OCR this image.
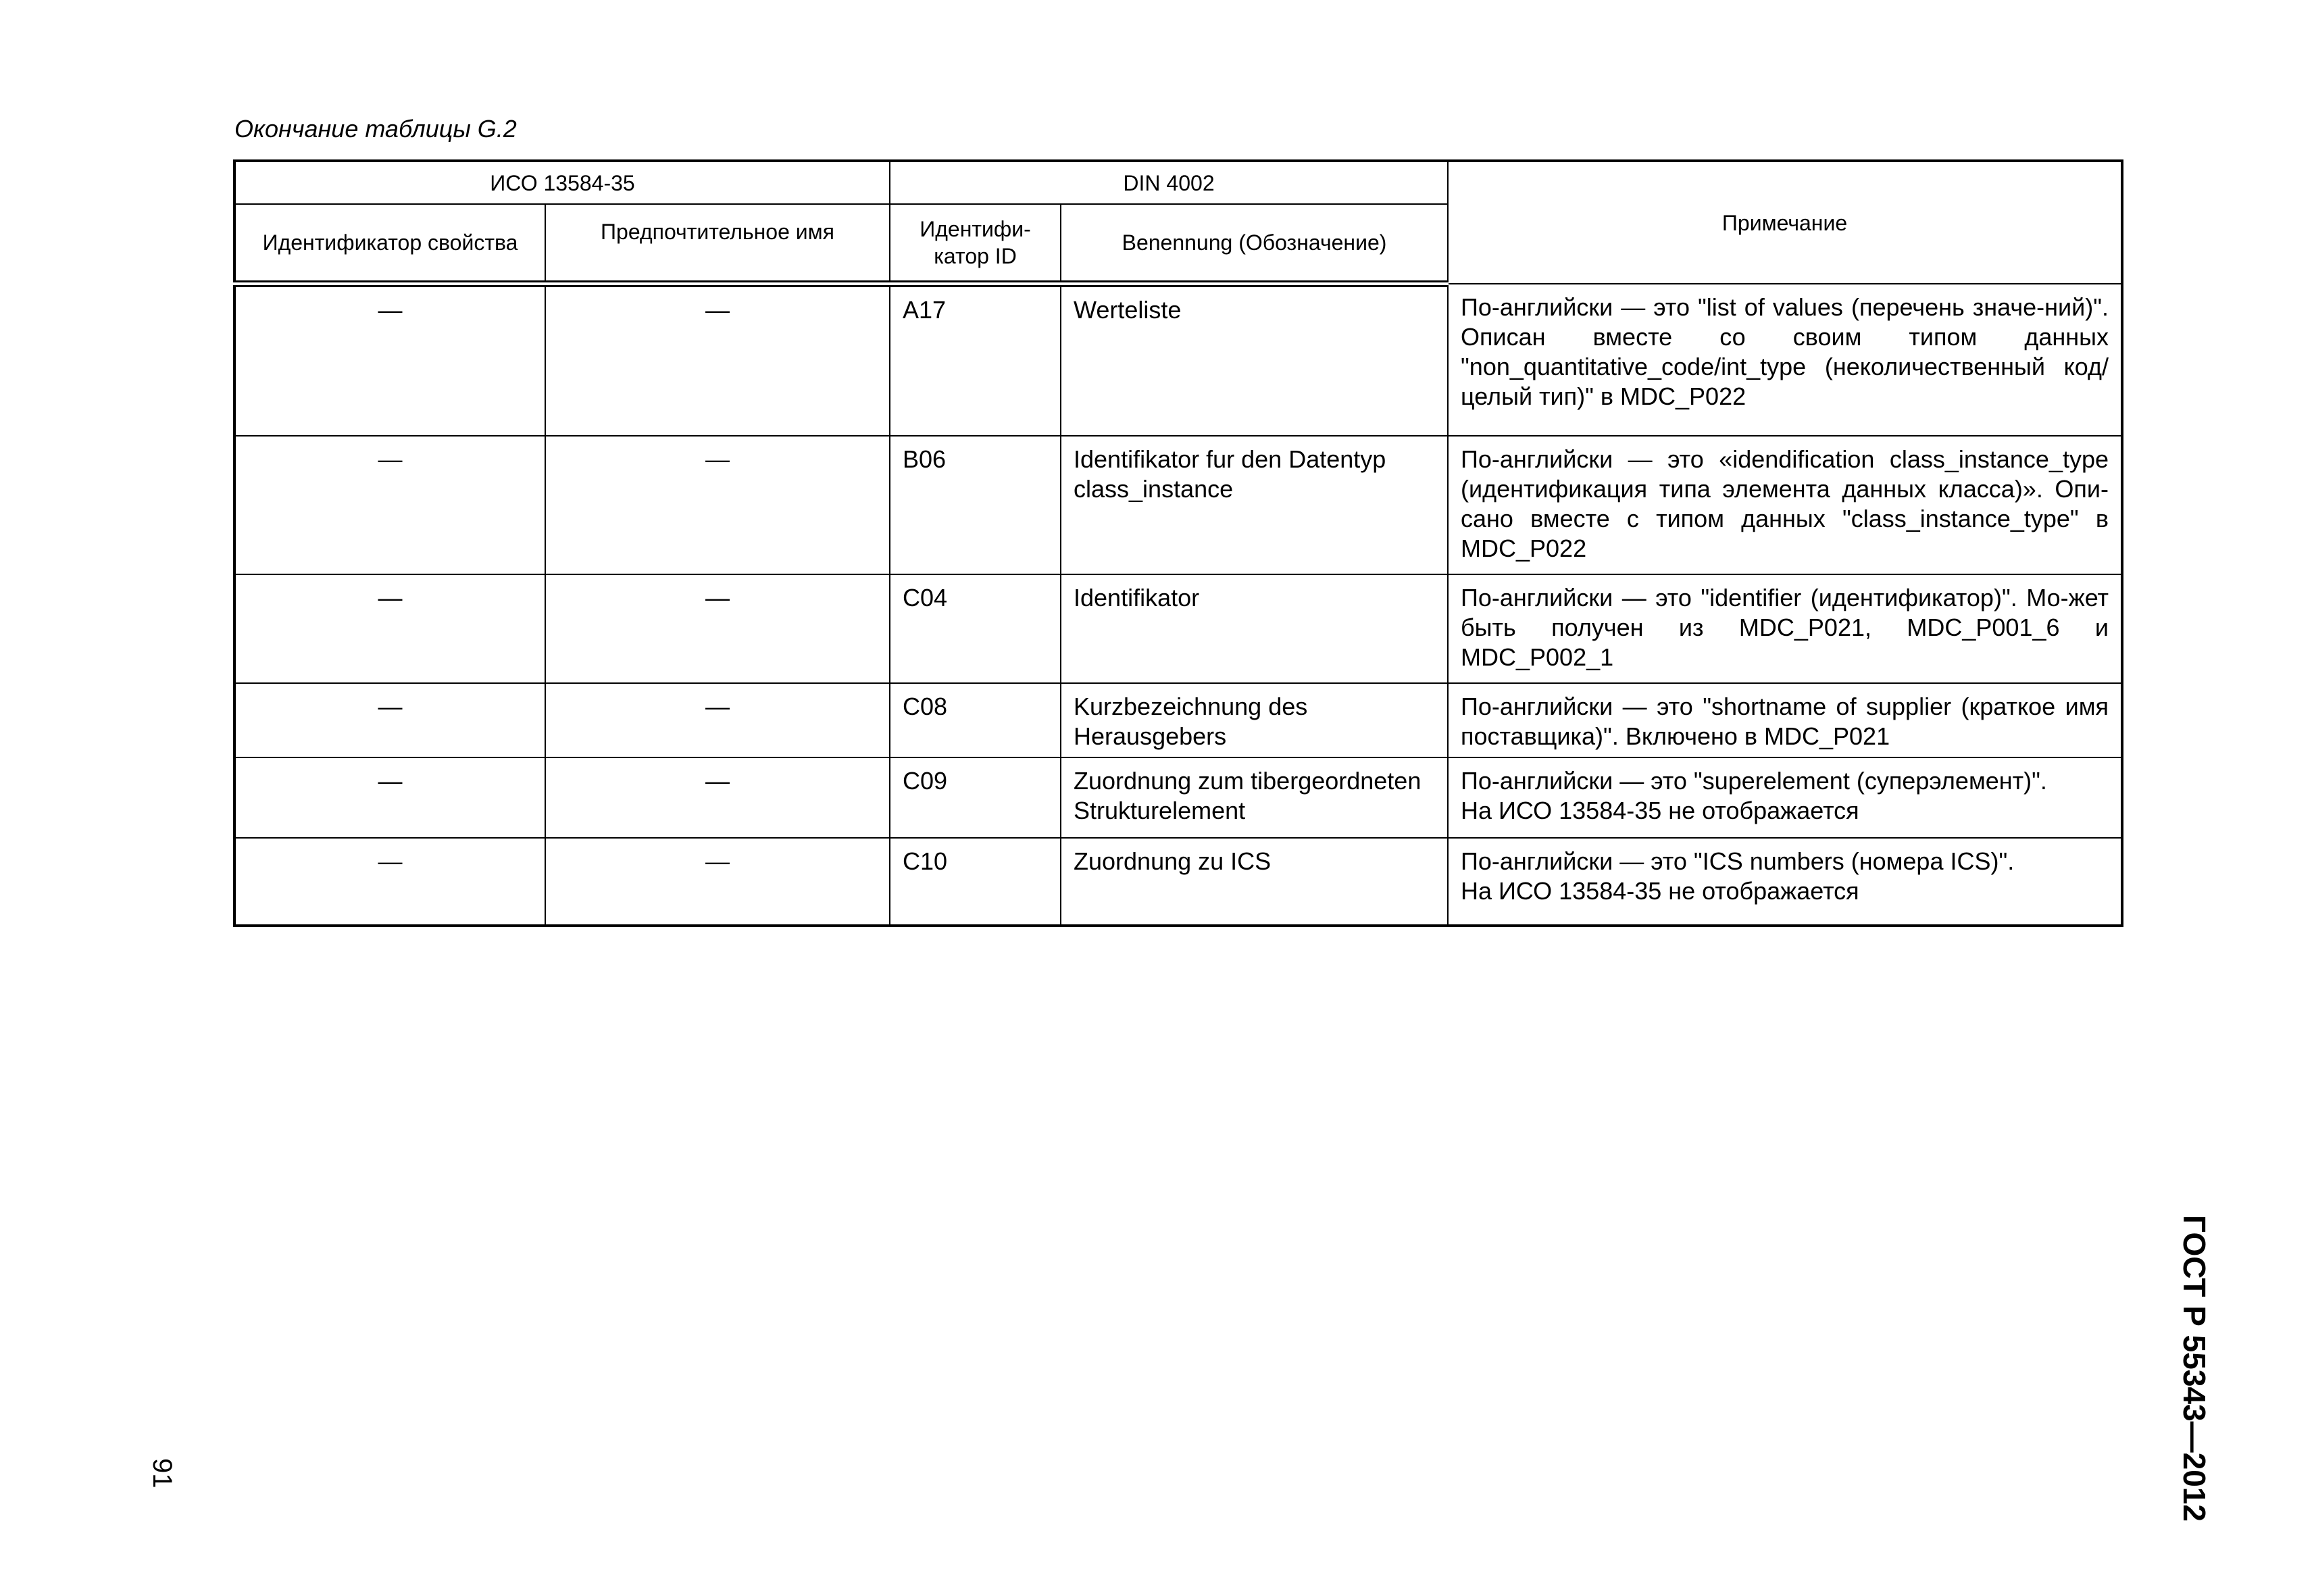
Окончание таблицы G.2
ИСО 13584-35		DIN 4002		Примечание
Идентификатор свойства	Предпочтительное имя	Идентифи-катор ID	Benennung (Обозначение)	
—	—	A17	Werteliste	По-английски — это "list of values (перечень значе-ний)". Описан вместе со своим типом данных "non_quantitative_code/int_type (неколичественный код/целый тип)" в MDC_P022
—	—	B06	Identifikator fur den Datentyp class_instance	По-английски — это «idendification class_instance_type (идентификация типа элемента данных класса)». Опи-сано вместе с типом данных "class_instance_type" в MDC_P022
—	—	C04	Identifikator	По-английски — это "identifier (идентификатор)". Мо-жет быть получен из MDC_P021, MDC_P001_6 и MDC_P002_1
—	—	C08	Kurzbezeichnung des Herausgebers	По-английски — это "shortname of supplier (краткое имя поставщика)". Включено в MDC_P021
—	—	C09	Zuordnung zum tibergeordneten Strukturelement	По-английски — это "superelement (суперэлемент)".
На ИСО 13584-35 не отображается

—	—	C10	Zuordnung zu ICS	По-английски — это "ICS numbers (номера ICS)".
На ИСО 13584-35 не отображается
91	ГОСТ Р 55343—2012
